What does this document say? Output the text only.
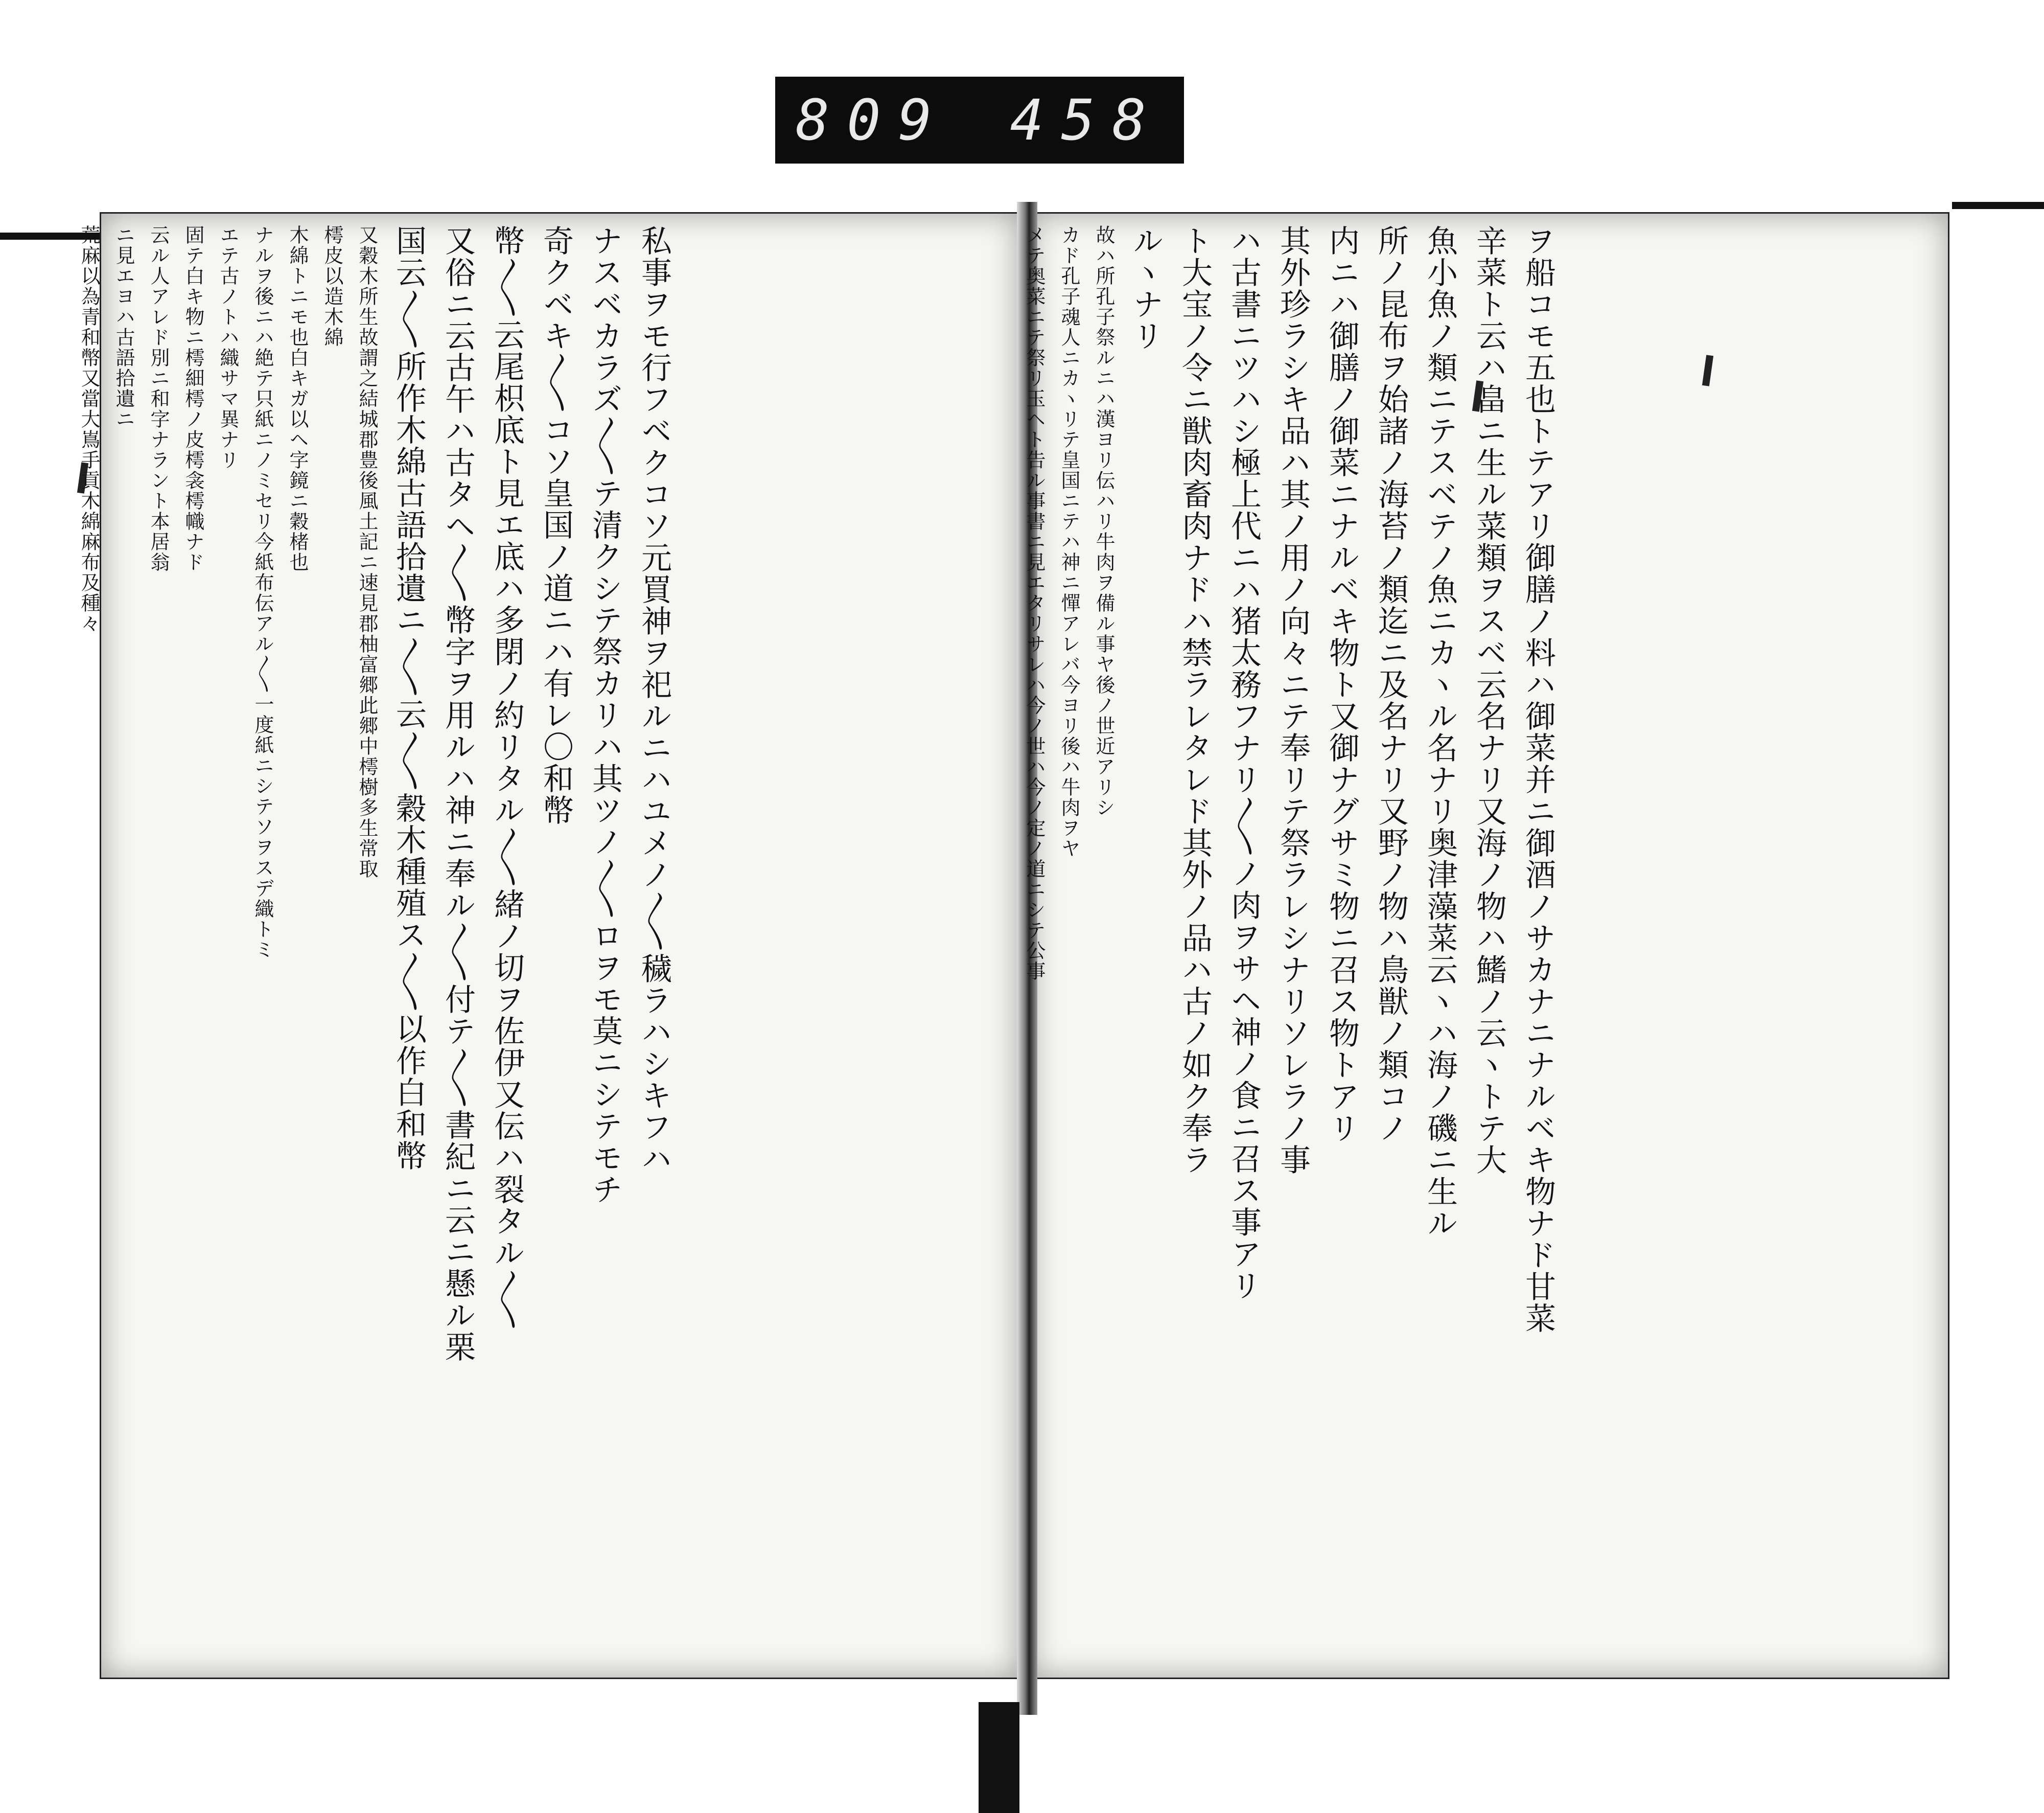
809 458
私事ヲモ行フベクコソ元買神ヲ祀ルニハユメノ〳〵穢ラハシキフハ
ナスベカラズ〳〵テ清クシテ祭カリハ其ツノ〳〵ロヲモ莫ニシテモチ
奇クベキ〳〵コソ皇国ノ道ニハ有レ〇和幣
幣〳〵云尾枳底ト見エ底ハ多閉ノ約リタル〳〵緒ノ切ヲ佐伊又伝ハ裂タル〳〵
又俗ニ云古午ハ古タヘ〳〵幣字ヲ用ルハ神ニ奉ル〳〵付テ〳〵書紀ニ云ニ懸ル栗
国云〳〵所作木綿古語拾遺ニ〳〵云〳〵穀木種殖ス〳〵以作白和幣
又穀木所生故謂之結城郡豊後風土記ニ速見郡柚富郷此郷中樗樹多生常取
樗皮以造木綿
木綿トニモ也白キガ以ヘ字鏡ニ穀楮也
ナルヲ後ニハ絶テ只紙ニノミセリ今紙布伝アル〳〵一度紙ニシテソヲスデ織トミ
エテ古ノトハ織サマ異ナリ
固テ白キ物ニ樗細樗ノ皮樗衾樗幟ナド
云ル人アレド別ニ和字ナラント本居翁
ニ見エヨハ古語拾遺ニ
荒麻以為青和幣又當大嶌手貢木綿麻布及種々	ヲ船コモ五也トテアリ御膳ノ料ハ御菜并ニ御酒ノサカナニナルベキ物ナド甘菜
辛菜ト云ハ畠ニ生ル菜類ヲスベ云名ナリ又海ノ物ハ鰭ノ云ヽトテ大
魚小魚ノ類ニテスベテノ魚ニカヽル名ナリ奥津藻菜云ヽハ海ノ磯ニ生ル
所ノ昆布ヲ始諸ノ海苔ノ類迄ニ及名ナリ又野ノ物ハ鳥獣ノ類コノ
内ニハ御膳ノ御菜ニナルベキ物ト又御ナグサミ物ニ召ス物トアリ
其外珍ラシキ品ハ其ノ用ノ向々ニテ奉リテ祭ラレシナリソレラノ事
ハ古書ニツハシ極上代ニハ猪太務フナリ〳〵ノ肉ヲサヘ神ノ食ニ召ス事アリ
ト大宝ノ令ニ獣肉畜肉ナドハ禁ラレタレド其外ノ品ハ古ノ如ク奉ラ
ルヽナリ
故ハ所孔子祭ルニハ漢ヨリ伝ハリ牛肉ヲ備ル事ヤ後ノ世近アリシ
カド孔子魂人ニカヽリテ皇国ニテハ神ニ憚アレバ今ヨリ後ハ牛肉ヲヤ
メテ奥菜ニテ祭リ玉ヘト告ル事書ニ見エタリサレハ今ノ世ハ今ノ定ノ道ニシテ公事
